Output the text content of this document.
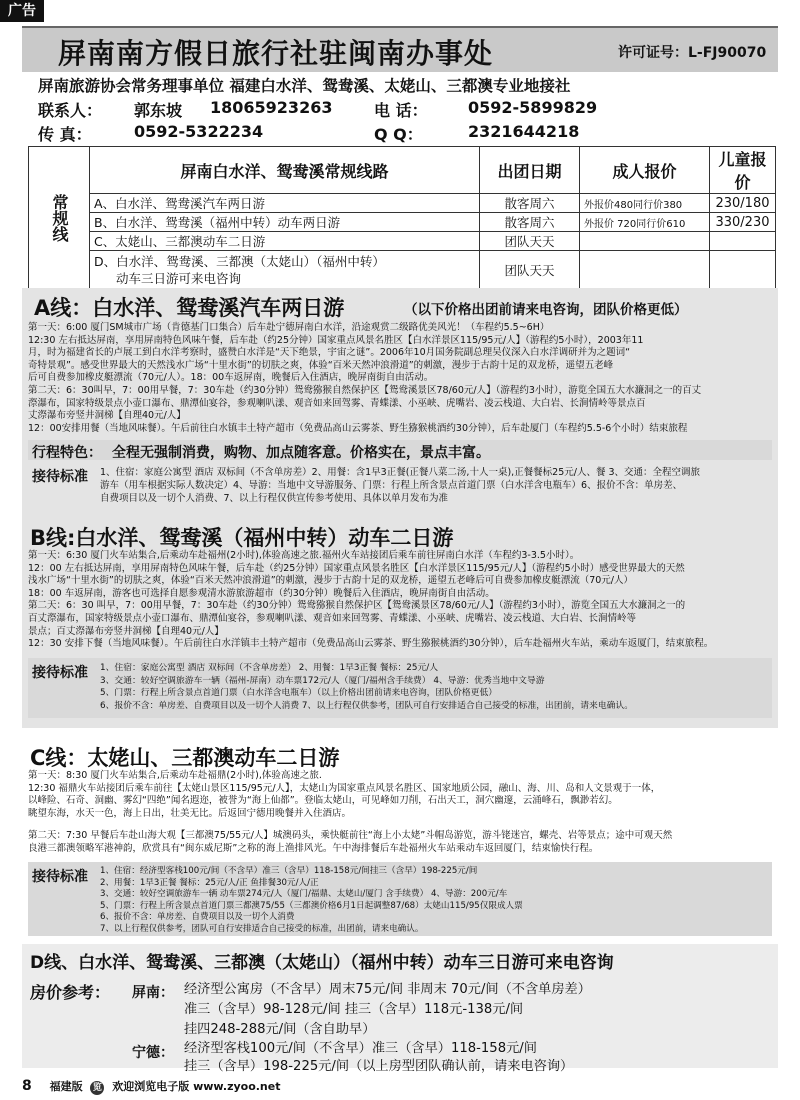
广告
屏南南方假日旅行社驻闽南办事处	许可证号：L-FJ90070
屏南旅游协会常务理事单位 福建白水洋、鸳鸯溪、太姥山、三都澳专业地接社
联系人： 郭东坡 18065923263	电 话：	0592-5899829
传 真：	0592-5322234	Q Q：	2321644218
常规线	屏南白水洋、鸳鸯溪常规线路	出团日期	成人报价	儿童报价
	A、白水洋、鸳鸯溪汽车两日游	散客周六	外报价480同行价380	230/180
	B、白水洋、鸳鸯溪（福州中转）动车两日游	散客周六	外报价 720同行价610	330/230
	C、太姥山、三都澳动车二日游	团队天天		

	D、白水洋、鸳鸯溪、三都澳（太姥山）（福州中转）
动车三日游可来电咨询	团队天天		
A线：白水洋、鸳鸯溪汽车两日游	（以下价格出团前请来电咨询，团队价格更低）
第一天：6:00 厦门SM城市广场（肯德基门口集合）后车赴宁德屏南白水洋，沿途观赏二级路优美风光！（车程约5.5~6H）
12:30 左右抵达屏南，享用屏南特色风味午餐，后车赴（约25分钟）国家重点风景名胜区【白水洋景区115/95元/人】（游程约5小时），2003年11
月，时为福建省长的卢展工到白水洋考察时，盛赞白水洋是“天下绝景，宇宙之谜”。2006年10月国务院副总理吴仪深入白水洋调研并为之题词“
奇特景观”。感受世界最大的天然浅水广场“十里水街”的切肤之爽，体验“百米天然冲浪滑道”的刺激，漫步于古韵十足的双龙桥，遥望五老峰
后可自费参加橡皮艇漂流（70元/人）。18：00车返屏南，晚餐后入住酒店，晚屏南街自由活动。
第二天：6：30叫早，7：00用早餐，7：30车赴（约30分钟）鸳鸯猕猴自然保护区【鸳鸯溪景区78/60元/人】（游程约3小时），游览全国五大水濂洞之一的百丈
漈瀑布，国家特级景点小壶口瀑布、鼎潭仙宴谷，参观喇叭漾、观音如来回驾雾、青蝶漾、小巫峡、虎嘴岩、凌云栈道、大白岩、长涧情岭等景点百
丈漈瀑布旁竖井洞梯【自理40元/人】
12：00安排用餐（当地风味餐）。午后前往白水镇丰土特产超市（免费品高山云雾茶、野生猕猴桃酒约30分钟），后车赴厦门（车程约5.5-6个小时）结束旅程
行程特色： 全程无强制消费，购物、加点随客意。价格实在，景点丰富。
接待标准 1、住宿：家庭公寓型 酒店 双标间（不含单房差）2、用餐：含1早3正餐(正餐八菜二汤,十人一桌),正餐餐标25元/人、餐 3、交通：全程空调旅
游车（用车根据实际人数决定）4、导游：当地中文导游服务、门票：行程上所含景点首道门票（白水洋含电瓶车）6、报价不含：单房差、
自费项目以及一切个人消费、7、以上行程仅供宣传参考使用、具体以单月发布为准
B线:白水洋、鸳鸯溪（福州中转）动车二日游
第一天：6:30 厦门火车站集合,后乘动车赴福州(2小时),体验高速之旅.福州火车站接团后乘车前往屏南白水洋（车程约3-3.5小时）。
12：00 左右抵达屏南，享用屏南特色风味午餐，后车赴（约25分钟）国家重点风景名胜区【白水洋景区115/95元/人】（游程约5小时）感受世界最大的天然
浅水广场“十里水街”的切肤之爽，体验“百米天然冲浪滑道”的刺激，漫步于古韵十足的双龙桥，遥望五老峰后可自费参加橡皮艇漂流（70元/人）
18：00 车返屏南，游客也可选择自愿参观清水游旅游超市（约30分钟）晚餐后入住酒店，晚屏南街自由活动。
第二天：6：30 叫早，7：00用早餐，7：30车赴（约30分钟）鸳鸯猕猴自然保护区【鸳鸯溪景区78/60元/人】（游程约3小时），游览全国五大水濂洞之一的
百丈漈瀑布，国家特级景点小壶口瀑布、鼎潭仙宴谷，参观喇叭漾、观音如来回驾雾、青蝶漾、小巫峡、虎嘴岩、凌云栈道、大白岩、长涧情岭等
景点；百丈漈瀑布旁竖井洞梯【自理40元/人】
12：30 安排下餐（当地风味餐）。午后前往白水洋镇丰土特产超市（免费品高山云雾茶、野生猕猴桃酒约30分钟），后车赴福州火车站，乘动车返厦门，结束旅程。
接待标准 1、住宿：家庭公寓型 酒店 双标间（不含单房差） 2、用餐：1早3正餐 餐标：25元/人
3、交通：较好空调旅游车一辆（福州-屏南）动车票172元/人（厦门/福州含手续费） 4、导游：优秀当地中文导游
5、门票：行程上所含景点首道门票（白水洋含电瓶车）（以上价格出团前请来电咨询，团队价格更低）
6、报价不含：单房差、自费项目以及一切个人消费 7、以上行程仅供参考，团队可自行安排适合自己接受的标准，出团前，请来电确认。
C线：太姥山、三都澳动车二日游
第一天：8:30 厦门火车站集合,后乘动车赴福鼎(2小时),体验高速之旅.
12:30 福鼎火车站接团后乘车前往【太姥山景区115/95元/人】，太姥山为国家重点风景名胜区、国家地质公园，融山、海、川、岛和人文景观于一体，
以峰险、石奇、洞幽、雾幻“四绝”闻名遐迩，被誉为“海上仙都”。登临太姥山，可见峰如刀削，石出天工，洞穴幽邃，云涌峰石，飘渺若幻。
眺望东海，水天一色，海上日出，壮美无比。后返回宁德用晚餐并入住酒店。
第二天：7:30 早餐后车赴山海大观【三都澳75/55元/人】城澳码头，乘快艇前往“海上小太姥”斗帽岛游览，游斗铑迷宫，螺壳、岩等景点；途中可观天然
良港三都澳领略军港神韵，欣赏具有“闽东威尼斯”之称的海上渔排风光。午中海排餐后车赴福州火车站乘动车返回厦门，结束愉快行程。
接待标准 1、住宿：经济型客栈100元/间（不含早）准三（含早）118-158元/间挂三（含早）198-225元/间
2、用餐：1早3正餐 餐标：25元/人/正 鱼排餐30元/人/正
3、交通：较好空调旅游车一辆 动车票274元/人（厦门/福鼎、太姥山/厦门 含手续费） 4、导游：200元/车
5、门票：行程上所含景点首道门票三都澳75/55（三都澳价格6月1日起调整87/68）太姥山115/95仅限成人票
6、报价不含：单房差、自费项目以及一切个人消费
7、以上行程仅供参考，团队可自行安排适合自己接受的标准，出团前，请来电确认。
D线、白水洋、鸳鸯溪、三都澳（太姥山）（福州中转）动车三日游可来电咨询
房价参考： 屏南： 经济型公寓房（不含早）周末75元/间 非周末 70元/间（不含单房差）
准三（含早）98-128元/间 挂三（含早）118元-138元/间
挂四248-288元/间（含自助早）
宁德： 经济型客栈100元/间（不含早）准三（含早）118-158元/间
挂三（含早）198-225元/间（以上房型团队确认前，请来电咨询）
8 福建版 览 欢迎浏览电子版 www.zyoo.net
